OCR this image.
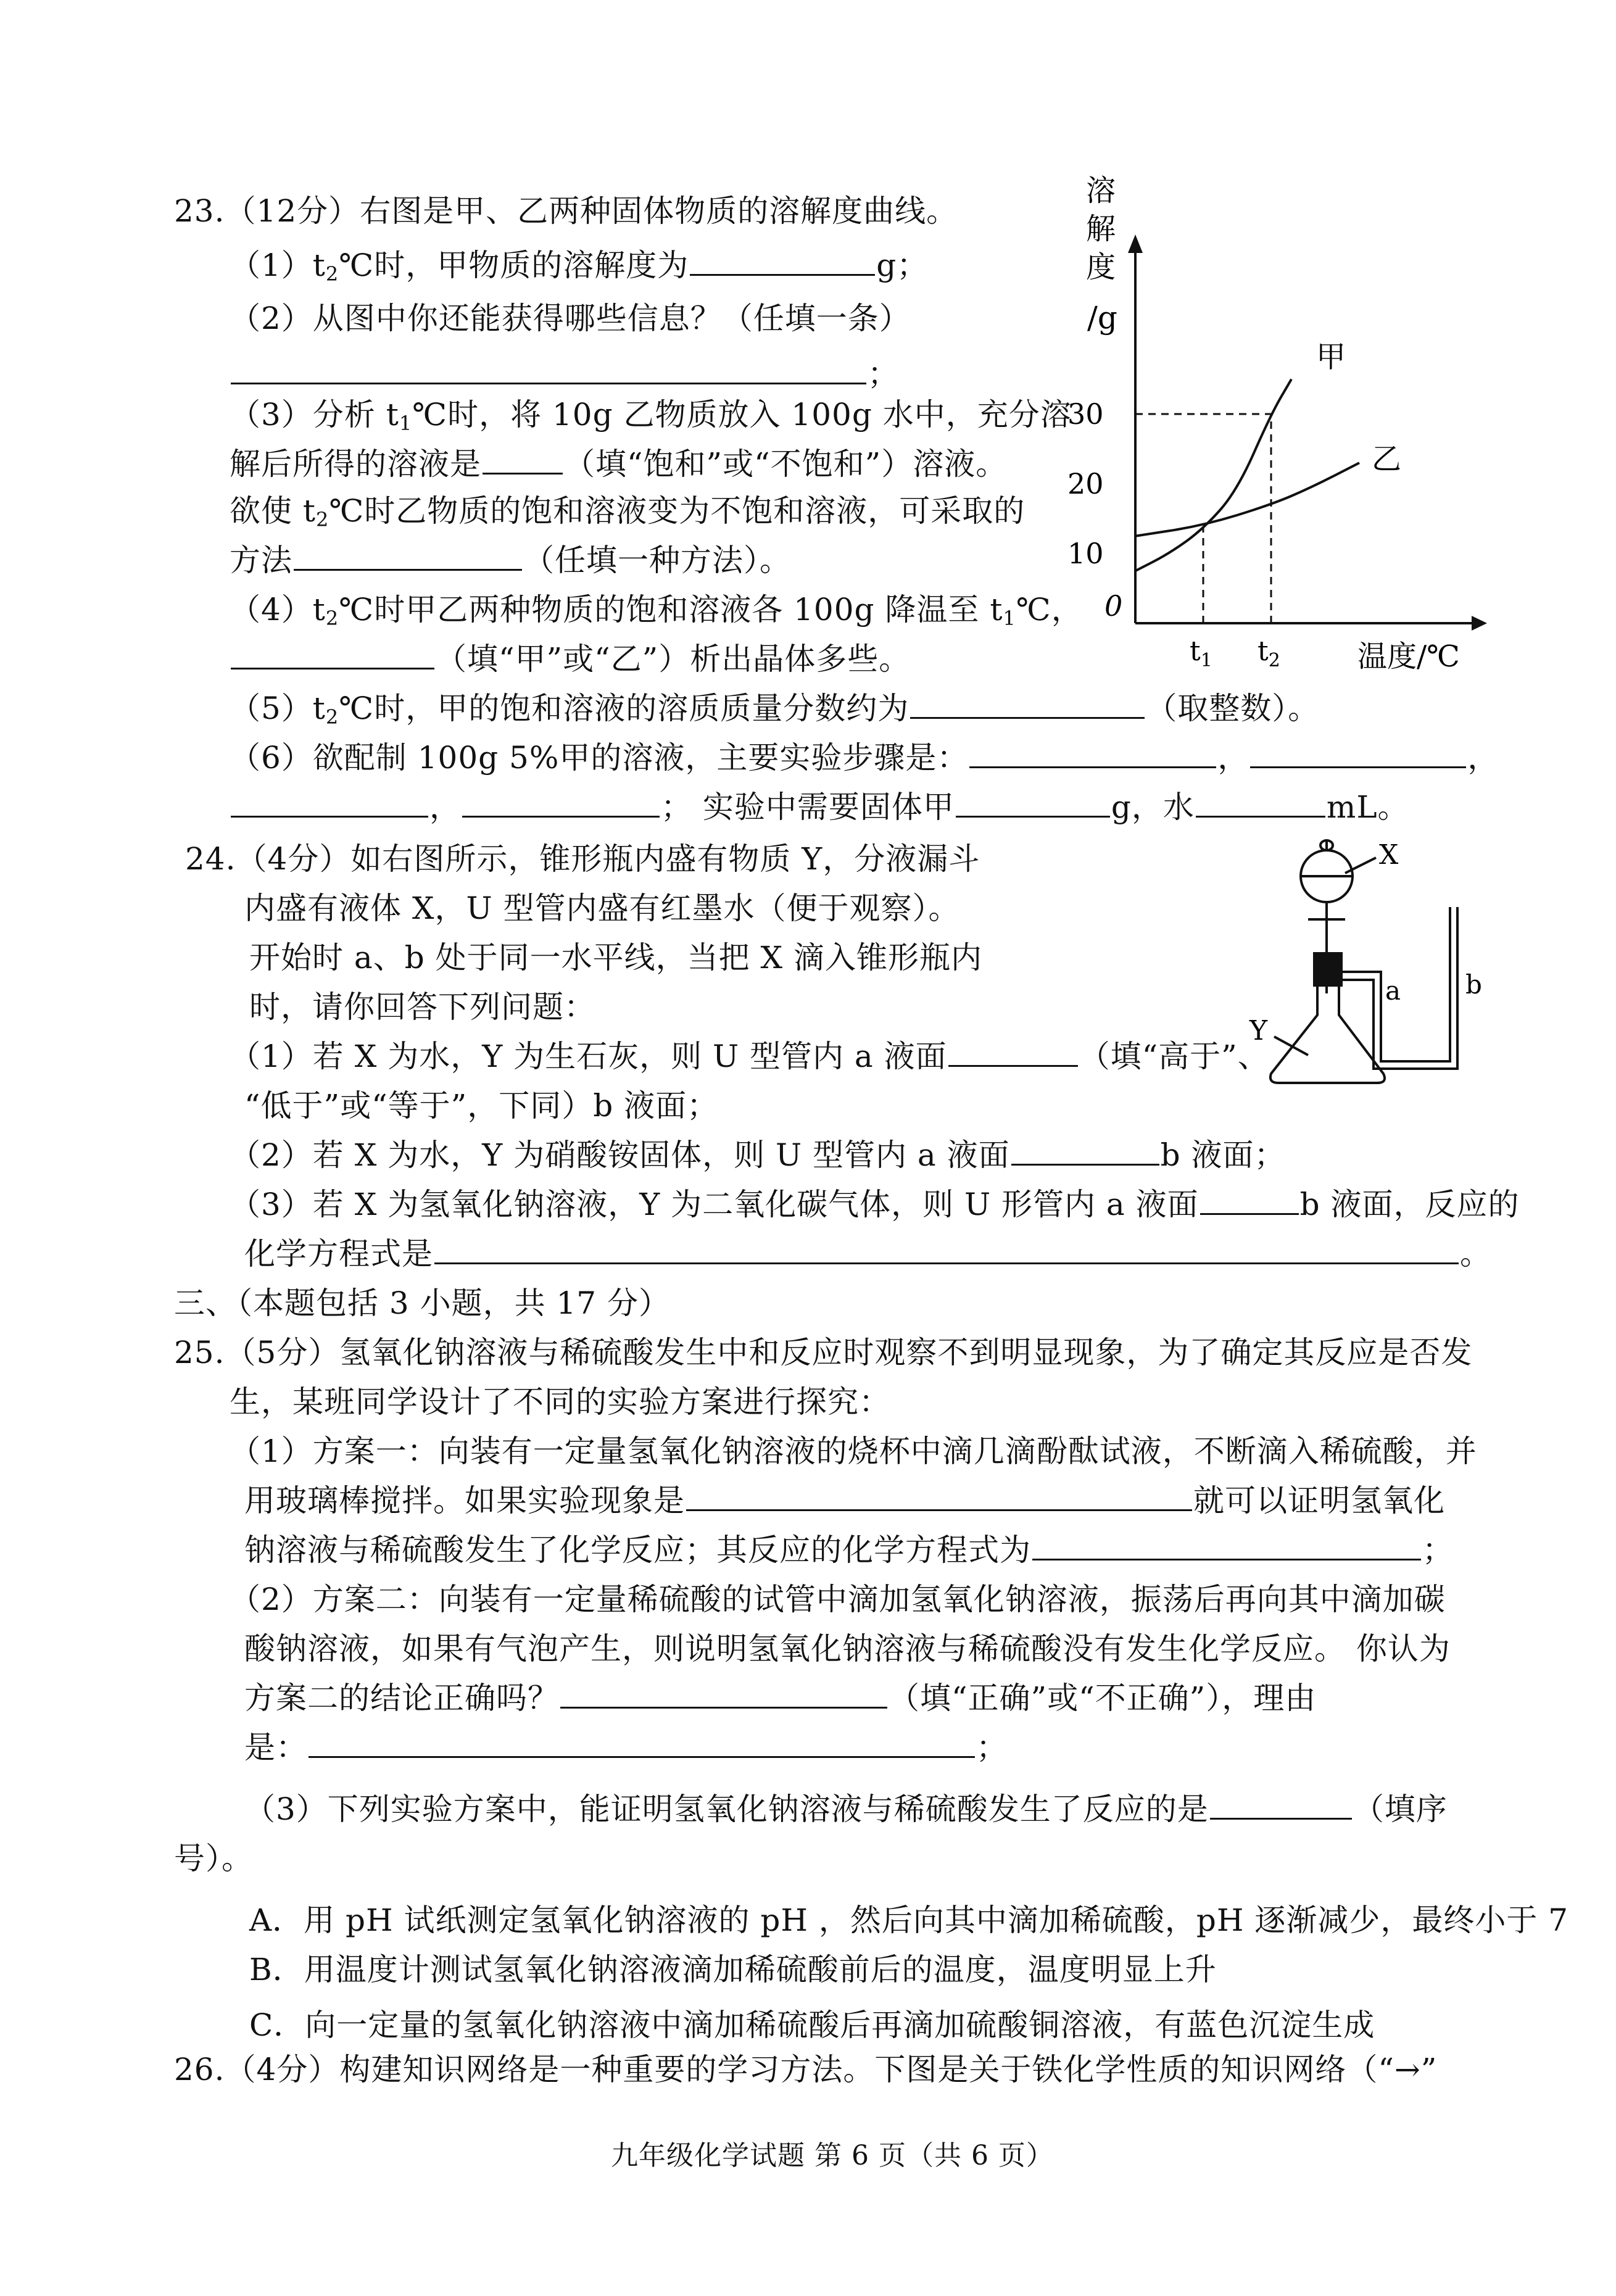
23.（12分）右图是甲、乙两种固体物质的溶解度曲线。
$(1)t_2℃$时，甲物质的溶解度为	g；
（2）从图中你还能获得哪些信息？（任填一条）
；
（3）分析 $t_1℃$时，将 10g 乙物质放入 100g 水中，充分溶
解后所得的溶液是	（填“饱和”或“不饱和”）溶液。
欲使 $t_2℃$时乙物质的饱和溶液变为不饱和溶液，可采取的
方法	（任填一种方法）。
$(4)t_2℃$时甲乙两种物质的饱和溶液各 100g 降温至 $t_1℃$，
（填“甲”或“乙”）析出晶体多些。
$(5)t_2℃$时，甲的饱和溶液的溶质质量分数约为	（取整数）。
（6）欲配制 100g 5%甲的溶液，主要实验步骤是：	，	，
，	； 实验中需要固体甲	g，水	mL。
溶
解
度
/g
温度/℃
0
10
20
30
$t_1$ $t_2$
甲
乙
24.（4分）如右图所示，锥形瓶内盛有物质 Y，分液漏斗
内盛有液体 X，U 型管内盛有红墨水（便于观察）。
开始时 a、b 处于同一水平线，当把 X 滴入锥形瓶内
时，请你回答下列问题：
（1）若 X 为水，Y 为生石灰，则 U 型管内 a 液面	（填“高于”、
“低于”或“等于”，下同）b 液面；
（2）若 X 为水，Y 为硝酸铵固体，则 U 型管内 a 液面	b 液面；
（3）若 X 为氢氧化钠溶液，Y 为二氧化碳气体，则 U 形管内 a 液面	b 液面，反应的
化学方程式是	。
X
Y
a b
三、（本题包括 3 小题，共 17 分）
25.（5分）氢氧化钠溶液与稀硫酸发生中和反应时观察不到明显现象，为了确定其反应是否发
生，某班同学设计了不同的实验方案进行探究：
（1）方案一：向装有一定量氢氧化钠溶液的烧杯中滴几滴酚酞试液，不断滴入稀硫酸，并
用玻璃棒搅拌。如果实验现象是	就可以证明氢氧化
钠溶液与稀硫酸发生了化学反应；其反应的化学方程式为	；
（2）方案二：向装有一定量稀硫酸的试管中滴加氢氧化钠溶液，振荡后再向其中滴加碳
酸钠溶液，如果有气泡产生，则说明氢氧化钠溶液与稀硫酸没有发生化学反应。 你认为
方案二的结论正确吗？	（填“正确”或“不正确”），理由
是：	；
（3）下列实验方案中，能证明氢氧化钠溶液与稀硫酸发生了反应的是	（填序
号）。
A．用 pH 试纸测定氢氧化钠溶液的 pH ，然后向其中滴加稀硫酸，pH 逐渐减少，最终小于 7
B．用温度计测试氢氧化钠溶液滴加稀硫酸前后的温度，温度明显上升
C．向一定量的氢氧化钠溶液中滴加稀硫酸后再滴加硫酸铜溶液，有蓝色沉淀生成
26.（4分）构建知识网络是一种重要的学习方法。下图是关于铁化学性质的知识网络（“→”
九年级化学试题 第 6 页（共 6 页）
